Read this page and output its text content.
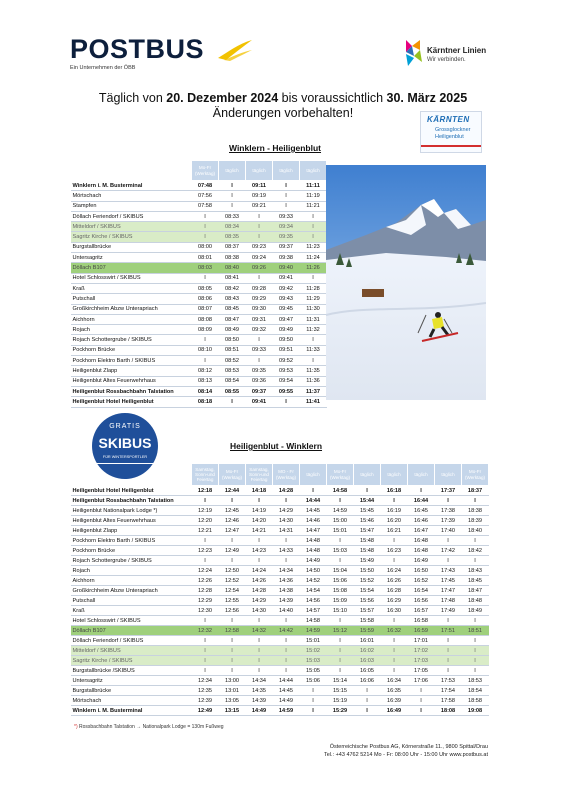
POSTBUS
Ein Unternehmen der ÖBB
Kärntner Linien
Wir verbinden.
Täglich von 20. Dezember 2024 bis voraussichtlich 30. März 2025
Änderungen vorbehalten!	KÄRNTEN
Grossglockner
Heiligenblut
Winklern - Heiligenblut
	Mo-Fr (Werktag)	täglich	täglich	täglich	täglich
Winklern i. M. Busterminal	07:48	I	09:11	I	11:11
Mörtschach	07:56	I	09:19	I	11:19
Stampfen	07:58	I	09:21	I	11:21
Döllach Feriendorf / SKIBUS	I	08:33	I	09:33	I
Mitteldorf / SKIBUS	I	08:34	I	09:34	I
Sagritz Kirche / SKIBUS	I	08:35	I	09:35	I
Burgstallbrücke	08:00	08:37	09:23	09:37	11:23
Untersagritz	08:01	08:38	09:24	09:38	11:24
Döllach B107	08:03	08:40	09:26	09:40	11:26
Hotel Schlosswirt / SKIBUS	I	08:41	I	09:41	I
Kraß	08:05	08:42	09:28	09:42	11:28
Putschall	08:06	08:43	09:29	09:43	11:29
Großkirchheim Abzw Unterapriach	08:07	08:45	09:30	09:45	11:30
Aichhorn	08:08	08:47	09:31	09:47	11:31
Rojach	08:09	08:49	09:32	09:49	11:32
Rojach Schottergrube / SKIBUS	I	08:50	I	09:50	I
Pockhorn Brücke	08:10	08:51	09:33	09:51	11:33
Pockhorn Elektro Barth / SKIBUS	I	08:52	I	09:52	I
Heiligenblut Zlapp	08:12	08:53	09:35	09:53	11:35
Heiligenblut Altes Feuerwehrhaus	08:13	08:54	09:36	09:54	11:36
Heiligenblut Rossbachbahn Talstation	08:14	08:55	09:37	09:55	11:37
Heiligenblut Hotel Heiligenblut	08:18	I	09:41	I	11:41
GRATIS
SKIBUS
FÜR WINTERSPORTLER
Heiligenblut - Winklern
	Samstag, Sonn-und Feiertag	Mo-Fr (Werktag)	Samstag, Sonn-und Feiertag	MO - Fr (Werktag)	täglich	Mo-Fr (Werktag)	täglich	täglich	täglich	täglich	Mo-Fr (Werktag)	Mo-Fr (Werktag)
Heiligenblut Hotel Heiligenblut	12:18	12:44	14:18	14:28	I	14:58	I	16:18	I	17:37	18:37	
Heiligenblut Rossbachbahn Talstation	I	I	I	I	14:44	I	15:44	I	16:44	I	I	
Heiligenblut Nationalpark Lodge *)	12:19	12:45	14:19	14:29	14:45	14:59	15:45	16:19	16:45	17:38	18:38	
Heiligenblut Altes Feuerwehrhaus	12:20	12:46	14:20	14:30	14:46	15:00	15:46	16:20	16:46	17:39	18:39	
Heiligenblut Zlapp	12:21	12:47	14:21	14:31	14:47	15:01	15:47	16:21	16:47	17:40	18:40	
Pockhorn Elektro Barth / SKIBUS	I	I	I	I	14:48	I	15:48	I	16:48	I	I	
Pockhorn Brücke	12:23	12:49	14:23	14:33	14:48	15:03	15:48	16:23	16:48	17:42	18:42	
Rojach Schottergrube / SKIBUS	I	I	I	I	14:49	I	15:49	I	16:49	I	I	
Rojach	12:24	12:50	14:24	14:34	14:50	15:04	15:50	16:24	16:50	17:43	18:43	
Aichhorn	12:26	12:52	14:26	14:36	14:52	15:06	15:52	16:26	16:52	17:45	18:45	
Großkirchheim Abzw Unterapriach	12:28	12:54	14:28	14:38	14:54	15:08	15:54	16:28	16:54	17:47	18:47	
Putschall	12:29	12:55	14:29	14:39	14:56	15:09	15:56	16:29	16:56	17:48	18:48	
Kraß	12:30	12:56	14:30	14:40	14:57	15:10	15:57	16:30	16:57	17:49	18:49	
Hotel Schlosswirt / SKIBUS	I	I	I	I	14:58	I	15:58	I	16:58	I	I	
Döllach B107	12:32	12:58	14:32	14:42	14:59	15:12	15:59	16:32	16:59	17:51	18:51	
Döllach Feriendorf / SKIBUS	I	I	I	I	15:01	I	16:01	I	17:01	I	I	
Mitteldorf / SKIBUS	I	I	I	I	15:02	I	16:02	I	17:02	I	I	
Sagritz Kirche / SKIBUS	I	I	I	I	15:03	I	16:03	I	17:03	I	I	
Burgstallbrücke /SKIBUS	I	I	I	I	15:05	I	16:05	I	17:05	I	I	
Untersagritz	12:34	13:00	14:34	14:44	15:06	15:14	16:06	16:34	17:06	17:53	18:53	
Burgstallbrücke	12:35	13:01	14:35	14:45	I	15:15	I	16:35	I	17:54	18:54	
Mörtschach	12:39	13:05	14:39	14:49	I	15:19	I	16:39	I	17:58	18:58	
Winklern i. M. Busterminal	12:49	13:15	14:49	14:59	I	15:29	I	16:49	I	18:08	19:08	
*) Rossbachbahn Talstation → Nationalpark Lodge = 130m Fußweg
Österreichische Postbus AG, Körnerstraße 11., 9800 Spittal/Drau
Tel.: +43 4762 5214 Mo - Fr: 08:00 Uhr - 15:00 Uhr www.postbus.at
